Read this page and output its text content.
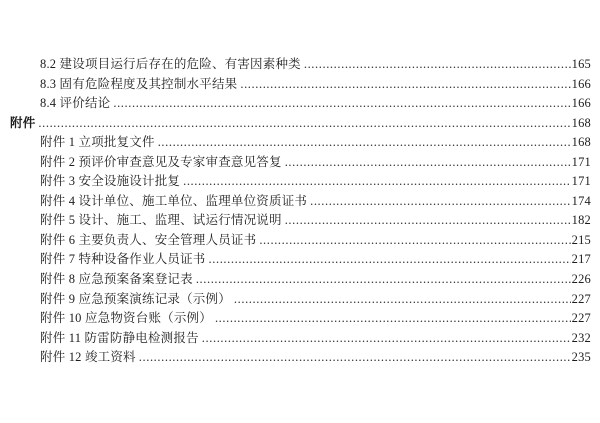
8.2 建设项目运行后存在的危险、有害因素种类 .....	165
8.3 固有危险程度及其控制水平结果 .....	166
8.4 评价结论 .....	166
附件 .....	168
附件 1 立项批复文件 .....	168
附件 2 预评价审查意见及专家审查意见答复 .....	171
附件 3 安全设施设计批复 .....	171
附件 4 设计单位、施工单位、监理单位资质证书 .....	174
附件 5 设计、施工、监理、试运行情况说明 .....	182
附件 6 主要负责人、安全管理人员证书 .....	215
附件 7 特种设备作业人员证书 .....	217
附件 8 应急预案备案登记表 .....	226
附件 9 应急预案演练记录（示例） .....	227
附件 10 应急物资台账（示例） .....	227
附件 11 防雷防静电检测报告 .....	232
附件 12 竣工资料 .....	235
